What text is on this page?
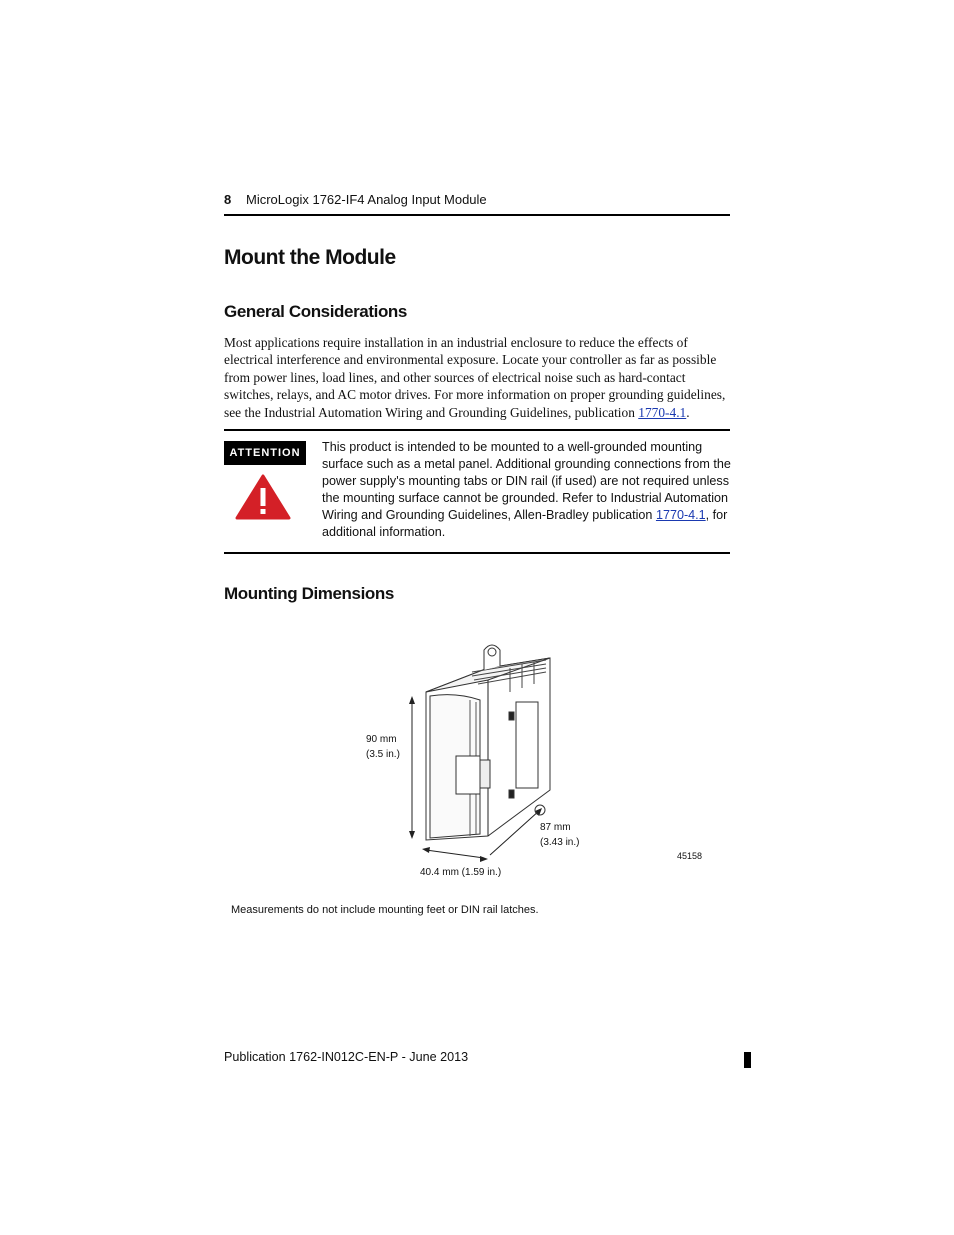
8 MicroLogix 1762-IF4 Analog Input Module
Mount the Module
General Considerations

Most applications require installation in an industrial enclosure to reduce the effects of electrical interference and environmental exposure. Locate your controller as far as possible from power lines, load lines, and other sources of electrical noise such as hard-contact switches, relays, and AC motor drives. For more information on proper grounding guidelines, see the Industrial Automation Wiring and Grounding Guidelines, publication 1770-4.1.

ATTENTION	This product is intended to be mounted to a well-grounded mounting surface such as a metal panel. Additional grounding connections from the power supply's mounting tabs or DIN rail (if used) are not required unless the mounting surface cannot be grounded. Refer to Industrial Automation Wiring and Grounding Guidelines, Allen-Bradley publication 1770-4.1, for additional information.

Mounting Dimensions
90 mm
(3.5 in.)
87 mm
(3.43 in.)
40.4 mm (1.59 in.)
45158
Measurements do not include mounting feet or DIN rail latches.
Publication 1762-IN012C-EN-P - June 2013
